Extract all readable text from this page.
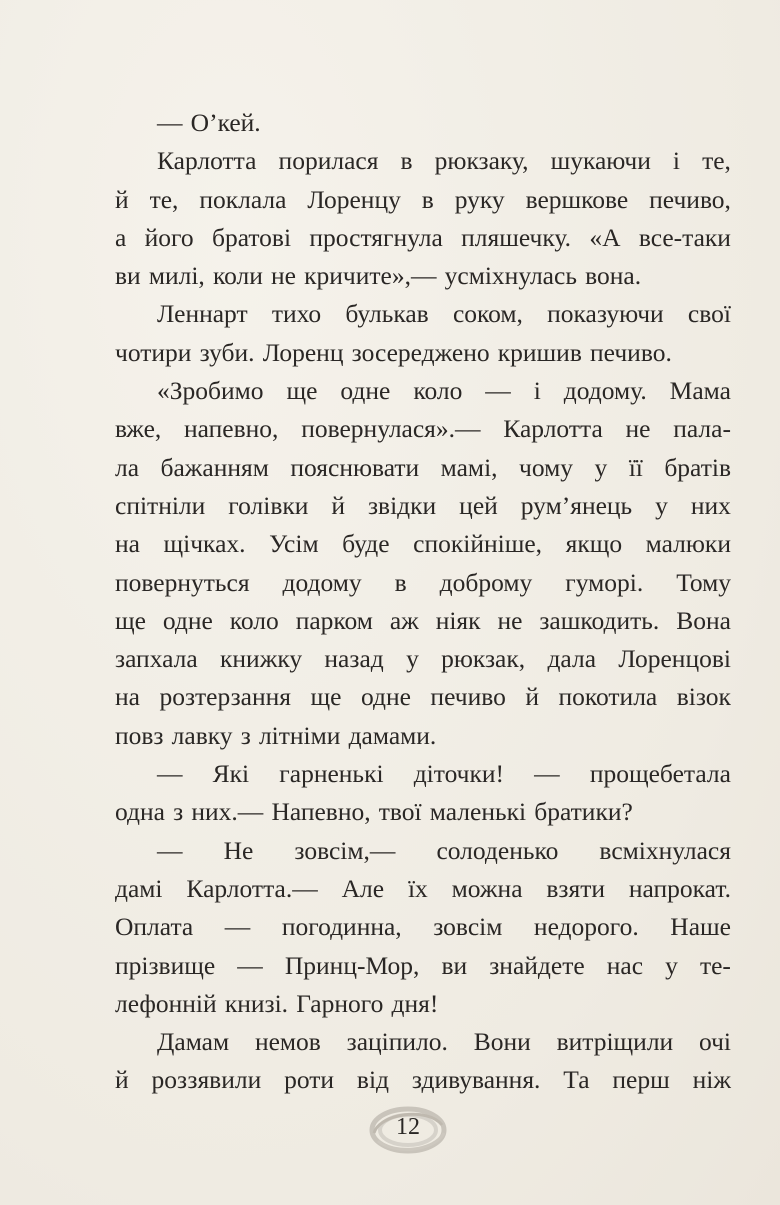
— О’кей.
Карлотта порилася в рюкзаку, шукаючи і те,
й те, поклала Лоренцу в руку вершкове печиво,
а його братові простягнула пляшечку. «А все-таки
ви милі, коли не кричите»,— усміхнулась вона.
Леннарт тихо булькав соком, показуючи свої
чотири зуби. Лоренц зосереджено кришив печиво.
«Зробимо ще одне коло — і додому. Мама
вже, напевно, повернулася».— Карлотта не пала-
ла бажанням пояснювати мамі, чому у її братів
спітніли голівки й звідки цей рум’янець у них
на щічках. Усім буде спокійніше, якщо малюки
повернуться додому в доброму гуморі. Тому
ще одне коло парком аж ніяк не зашкодить. Вона
запхала книжку назад у рюкзак, дала Лоренцові
на розтерзання ще одне печиво й покотила візок
повз лавку з літніми дамами.
— Які гарненькі діточки! — прощебетала
одна з них.— Напевно, твої маленькі братики?
— Не зовсім,— солоденько всміхнулася
дамі Карлотта.— Але їх можна взяти напрокат.
Оплата — погодинна, зовсім недорого. Наше
прізвище — Принц-Мор, ви знайдете нас у те-
лефонній книзі. Гарного дня!
Дамам немов заціпило. Вони витріщили очі
й роззявили роти від здивування. Та перш ніж
12
